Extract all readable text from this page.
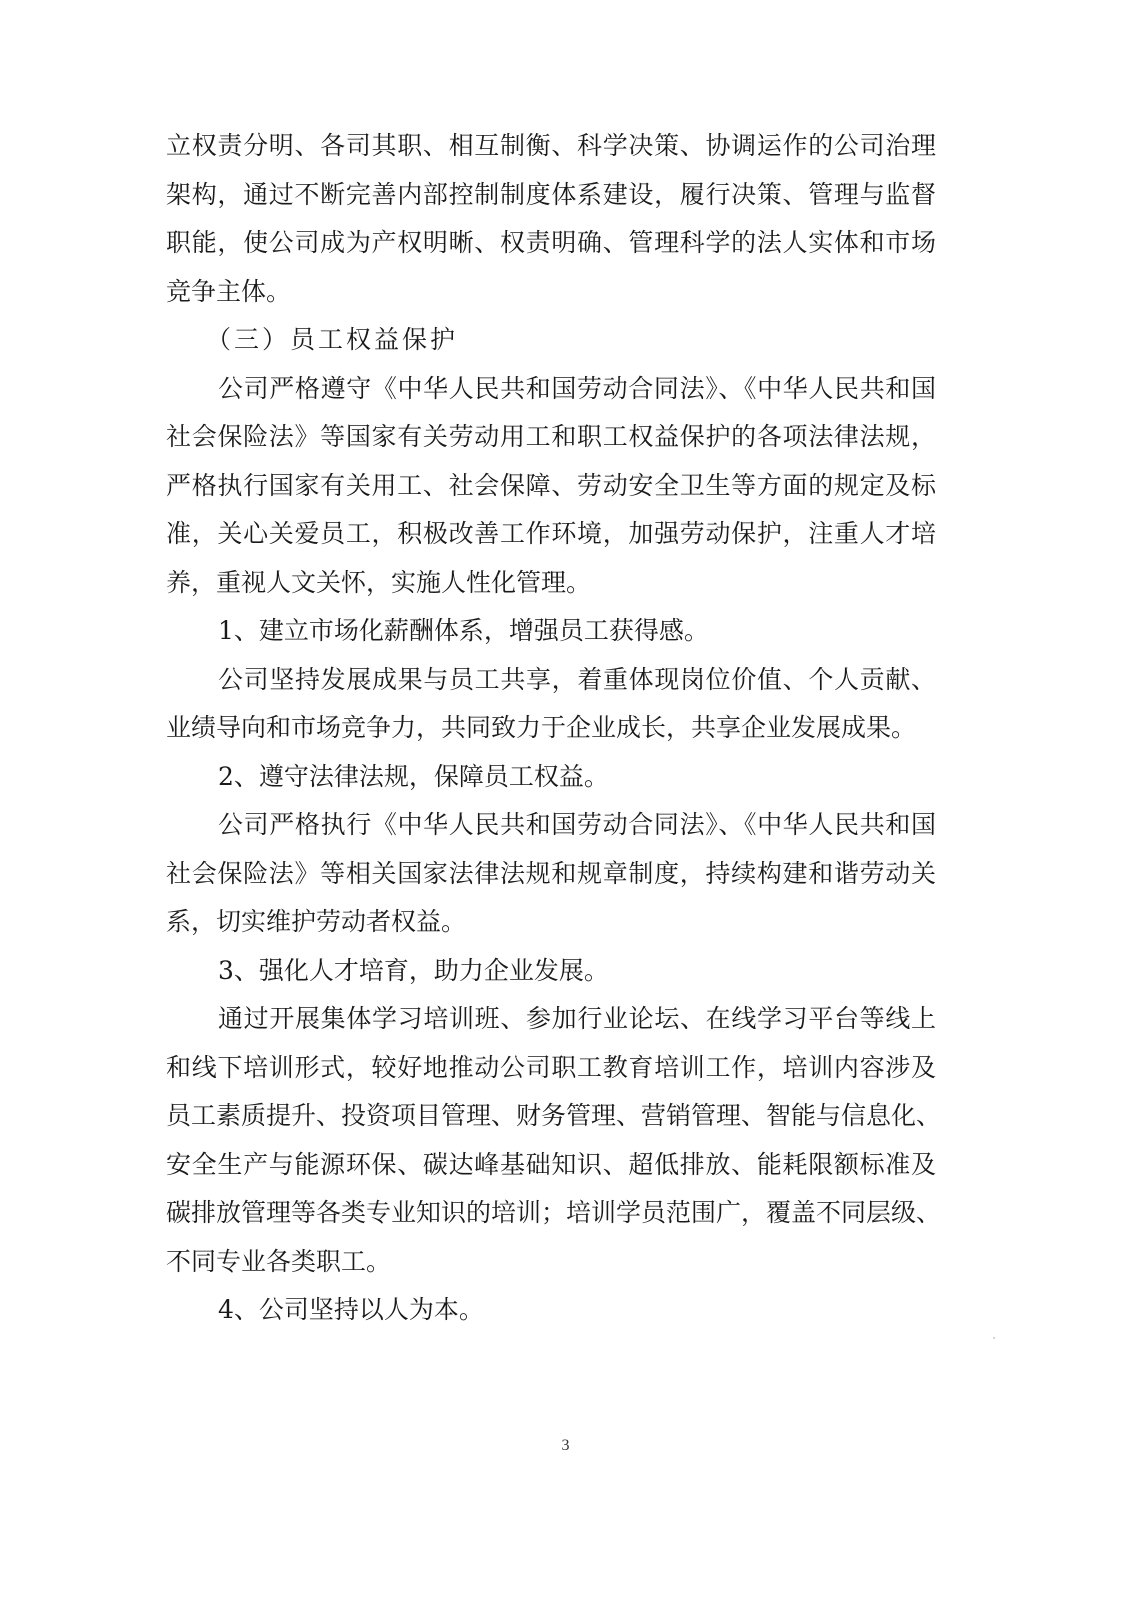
立权责分明、各司其职、相互制衡、科学决策、协调运作的公司治理
架构，通过不断完善内部控制制度体系建设，履行决策、管理与监督
职能，使公司成为产权明晰、权责明确、管理科学的法人实体和市场
竞争主体。
（三）员工权益保护
公司严格遵守《中华人民共和国劳动合同法》、《中华人民共和国
社会保险法》等国家有关劳动用工和职工权益保护的各项法律法规，
严格执行国家有关用工、社会保障、劳动安全卫生等方面的规定及标
准，关心关爱员工，积极改善工作环境，加强劳动保护，注重人才培
养，重视人文关怀，实施人性化管理。
1、建立市场化薪酬体系，增强员工获得感。
公司坚持发展成果与员工共享，着重体现岗位价值、个人贡献、
业绩导向和市场竞争力，共同致力于企业成长，共享企业发展成果。
2、遵守法律法规，保障员工权益。
公司严格执行《中华人民共和国劳动合同法》、《中华人民共和国
社会保险法》等相关国家法律法规和规章制度，持续构建和谐劳动关
系，切实维护劳动者权益。
3、强化人才培育，助力企业发展。
通过开展集体学习培训班、参加行业论坛、在线学习平台等线上
和线下培训形式，较好地推动公司职工教育培训工作，培训内容涉及
员工素质提升、投资项目管理、财务管理、营销管理、智能与信息化、
安全生产与能源环保、碳达峰基础知识、超低排放、能耗限额标准及
碳排放管理等各类专业知识的培训；培训学员范围广，覆盖不同层级、
不同专业各类职工。
4、公司坚持以人为本。
3
